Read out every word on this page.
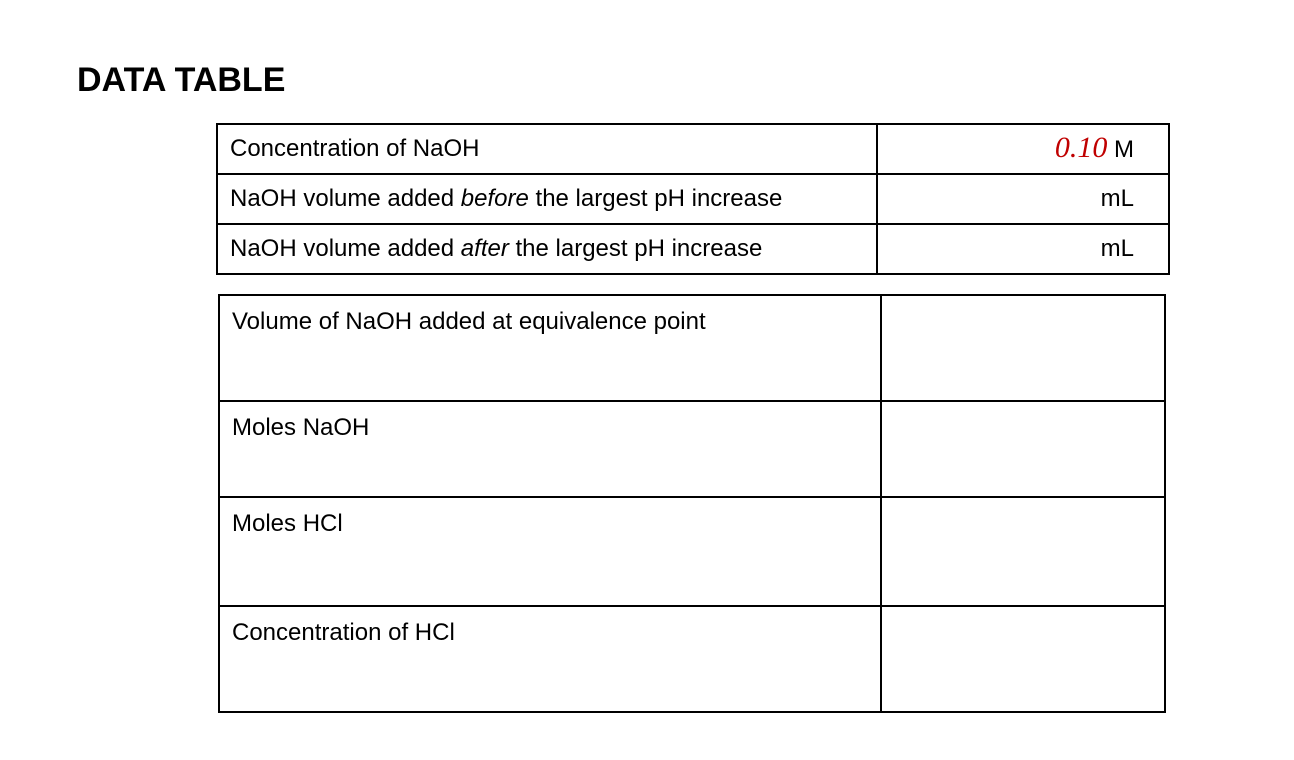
DATA TABLE
Concentration of NaOH	0.10 M
NaOH volume added before the largest pH increase	mL
NaOH volume added after the largest pH increase	mL
Volume of NaOH added at equivalence point	
Moles NaOH	
Moles HCl	
Concentration of HCl	
